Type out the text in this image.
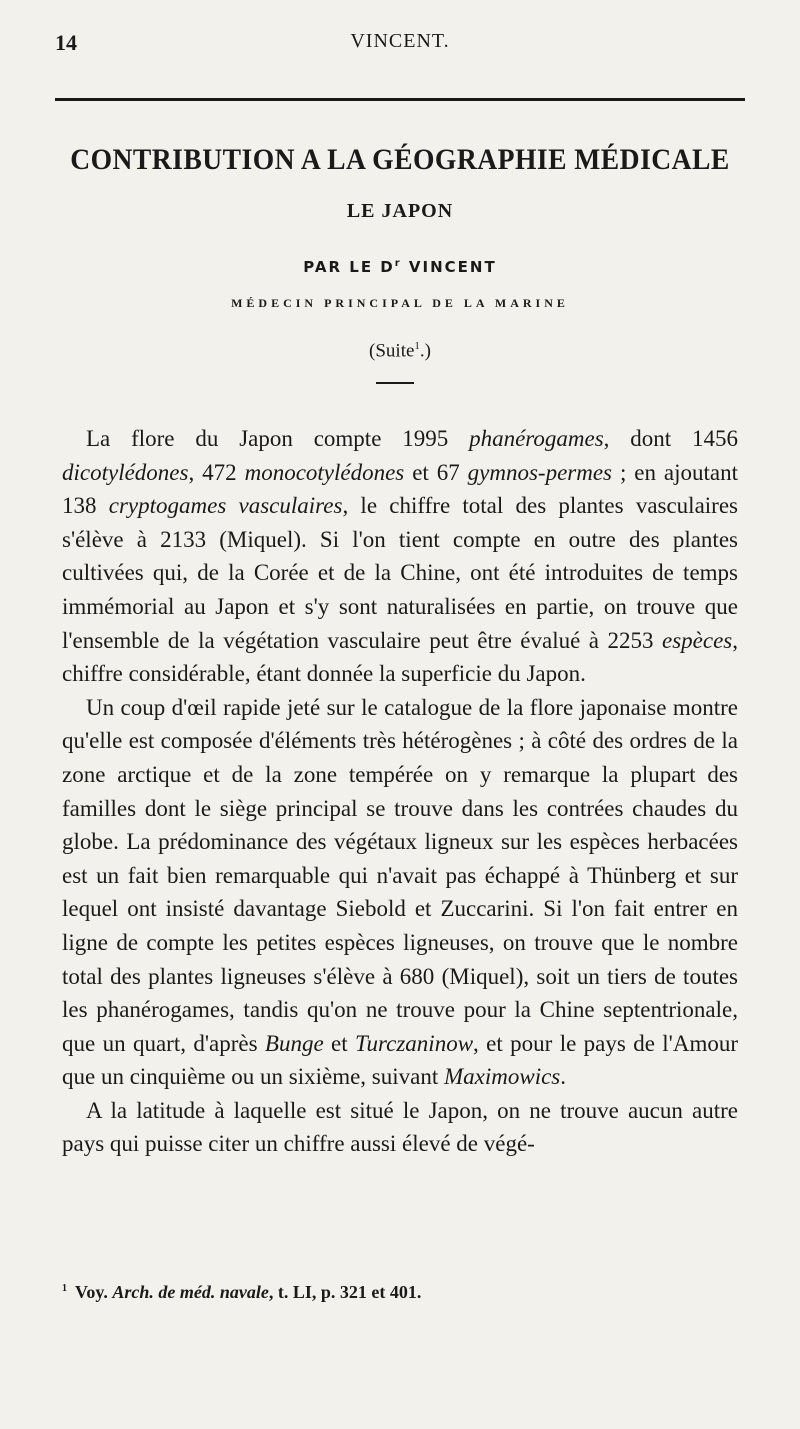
14	VINCENT.
CONTRIBUTION A LA GÉOGRAPHIE MÉDICALE
LE JAPON
PAR LE $D^r$ VINCENT
MÉDECIN PRINCIPAL DE LA MARINE
(Suite$^1$.)

La flore du Japon compte 1995 phanérogames, dont 1456 dicotylédones, 472 monocotylédones et 67 gymnos-permes ; en ajoutant 138 cryptogames vasculaires, le chiffre total des plantes vasculaires s'élève à 2133 (Miquel). Si l'on tient compte en outre des plantes cultivées qui, de la Corée et de la Chine, ont été introduites de temps immémorial au Japon et s'y sont naturalisées en partie, on trouve que l'ensemble de la végétation vasculaire peut être évalué à 2253 espèces, chiffre considérable, étant donnée la superficie du Japon.

Un coup d'œil rapide jeté sur le catalogue de la flore japonaise montre qu'elle est composée d'éléments très hétérogènes ; à côté des ordres de la zone arctique et de la zone tempérée on y remarque la plupart des familles dont le siège principal se trouve dans les contrées chaudes du globe. La prédominance des végétaux ligneux sur les espèces herbacées est un fait bien remarquable qui n'avait pas échappé à Thünberg et sur lequel ont insisté davantage Siebold et Zuccarini. Si l'on fait entrer en ligne de compte les petites espèces ligneuses, on trouve que le nombre total des plantes ligneuses s'élève à 680 (Miquel), soit un tiers de toutes les phanérogames, tandis qu'on ne trouve pour la Chine septentrionale, que un quart, d'après Bunge et Turczaninow, et pour le pays de l'Amour que un cinquième ou un sixième, suivant Maximowics.

A la latitude à laquelle est situé le Japon, on ne trouve aucun autre pays qui puisse citer un chiffre aussi élevé de végé-

$^1$ Voy. Arch. de méd. navale, t. LI, p. 321 et 401.
